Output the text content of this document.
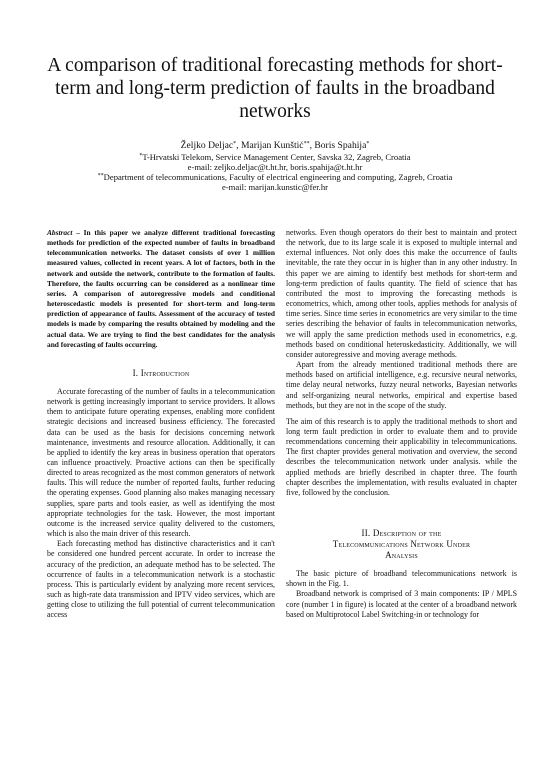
A comparison of traditional forecasting methods for short-term and long-term prediction of faults in the broadband networks
Željko Deljac*, Marijan Kunštić**, Boris Spahija*
*T-Hrvatski Telekom, Service Management Center, Savska 32, Zagreb, Croatia
e-mail: zeljko.deljac@t.ht.hr, boris.spahija@t.ht.hr
**Department of telecommunications, Faculty of electrical engineering and computing, Zagreb, Croatia
e-mail: marijan.kunstic@fer.hr

Abstract – In this paper we analyze different traditional forecasting methods for prediction of the expected number of faults in broadband telecommunication networks. The dataset consists of over 1 million measured values, collected in recent years. A lot of factors, both in the network and outside the network, contribute to the formation of faults. Therefore, the faults occurring can be considered as a nonlinear time series. A comparison of autoregressive models and conditional heteroscedastic models is presented for short-term and long-term prediction of appearance of faults. Assessment of the accuracy of tested models is made by comparing the results obtained by modeling and the actual data. We are trying to find the best candidates for the analysis and forecasting of faults occurring.

I. Introduction

Accurate forecasting of the number of faults in a telecommunication network is getting increasingly important to service providers. It allows them to anticipate future operating expenses, enabling more confident strategic decisions and increased business efficiency. The forecasted data can be used as the basis for decisions concerning network maintenance, investments and resource allocation. Additionally, it can be applied to identify the key areas in business operation that operators can influence proactively. Proactive actions can then be specifically directed to areas recognized as the most common generators of network faults. This will reduce the number of reported faults, further reducing the operating expenses. Good planning also makes managing necessary supplies, spare parts and tools easier, as well as identifying the most appropriate technologies for the task. However, the most important outcome is the increased service quality delivered to the customers, which is also the main driver of this research.

Each forecasting method has distinctive characteristics and it can't be considered one hundred percent accurate. In order to increase the accuracy of the prediction, an adequate method has to be selected. The occurrence of faults in a telecommunication network is a stochastic process. This is particularly evident by analyzing more recent services, such as high-rate data transmission and IPTV video services, which are getting close to utilizing the full potential of current telecommunication access

networks. Even though operators do their best to maintain and protect the network, due to its large scale it is exposed to multiple internal and external influences. Not only does this make the occurrence of faults inevitable, the rate they occur in is higher than in any other industry. In this paper we are aiming to identify best methods for short-term and long-term prediction of faults quantity. The field of science that has contributed the most to improving the forecasting methods is econometrics, which, among other tools, applies methods for analysis of time series. Since time series in econometrics are very similar to the time series describing the behavior of faults in telecommunication networks, we will apply the same prediction methods used in econometrics, e.g. methods based on conditional heteroskedasticity. Additionally, we will consider autoregressive and moving average methods.

Apart from the already mentioned traditional methods there are methods based on artificial intelligence, e.g. recursive neural networks, time delay neural networks, fuzzy neural networks, Bayesian networks and self-organizing neural networks, empirical and expertise based methods, but they are not in the scope of the study.

The aim of this research is to apply the traditional methods to short and long term fault prediction in order to evaluate them and to provide recommendations concerning their applicability in telecommunications. The first chapter provides general motivation and overview, the second describes the telecommunication network under analysis. while the applied methods are briefly described in chapter three. The fourth chapter describes the implementation, with results evaluated in chapter five, followed by the conclusion.

II. Description of the
Telecommunications Network Under
Analysis

The basic picture of broadband telecommunications network is shown in the Fig. 1.

Broadband network is comprised of 3 main components: IP / MPLS core (number 1 in figure) is located at the center of a broadband network based on Multiprotocol Label Switching-in or technology for
